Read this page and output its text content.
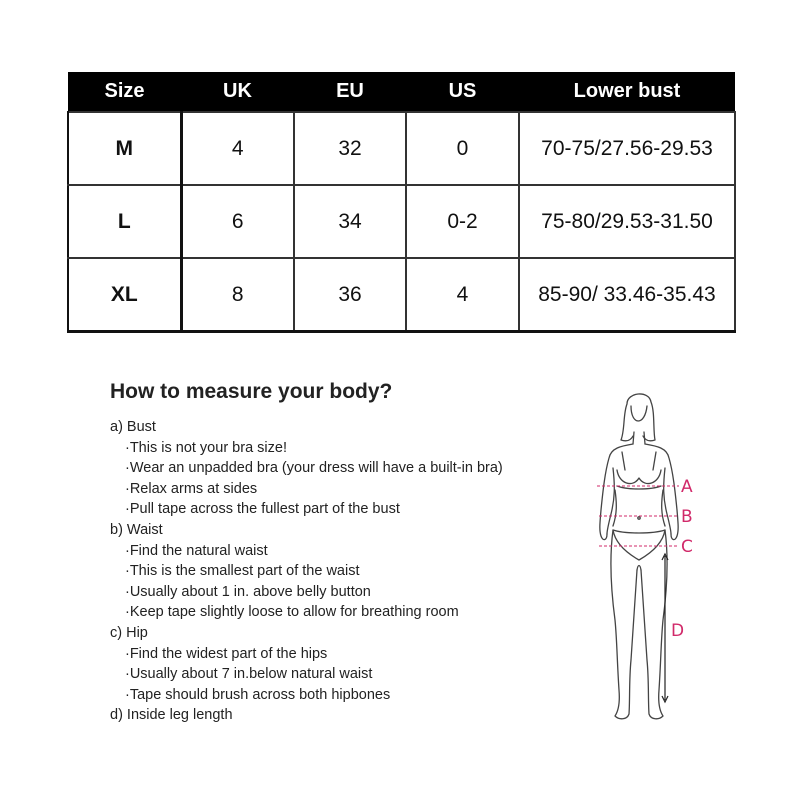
Size	UK	EU	US	Lower bust
M	4	32	0	70-75/27.56-29.53
L	6	34	0-2	75-80/29.53-31.50
XL	8	36	4	85-90/ 33.46-35.43
How to measure your body?
a) Bust
·This is not your bra size!
·Wear an unpadded bra (your dress will have a built-in bra)
·Relax arms at sides
·Pull tape across the fullest part of the bust
b) Waist
·Find the natural waist
·This is the smallest part of the waist
·Usually about 1 in. above belly button
·Keep tape slightly loose to allow for breathing room
c) Hip
·Find the widest part of the hips
·Usually about 7 in.below natural waist
·Tape should brush across both hipbones
d) Inside leg length
A
B
C
D
